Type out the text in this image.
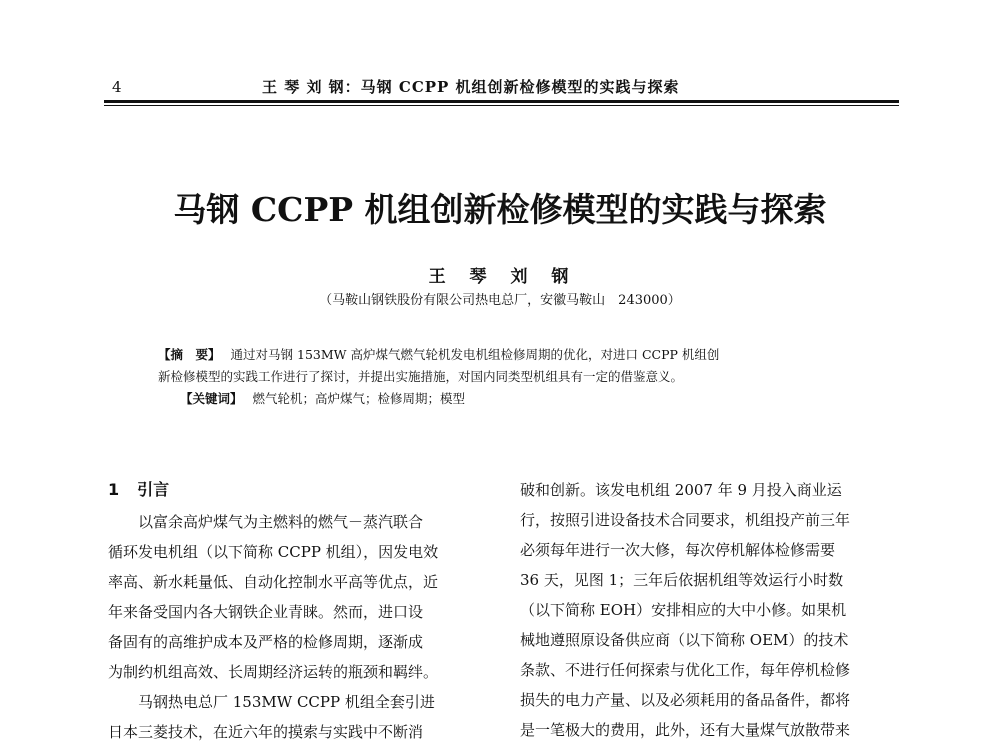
4	王 琴 刘 钢：马钢 CCPP 机组创新检修模型的实践与探索
马钢 CCPP 机组创新检修模型的实践与探索
王 琴 刘 钢
（马鞍山钢铁股份有限公司热电总厂，安徽马鞍山　243000）
【摘　要】 通过对马钢 153MW 高炉煤气燃气轮机发电机组检修周期的优化，对进口 CCPP 机组创
新检修模型的实践工作进行了探讨，并提出实施措施，对国内同类型机组具有一定的借鉴意义。
【关键词】 燃气轮机；高炉煤气；检修周期；模型
1 引言
以富余高炉煤气为主燃料的燃气－蒸汽联合
循环发电机组（以下简称 CCPP 机组），因发电效
率高、新水耗量低、自动化控制水平高等优点，近
年来备受国内各大钢铁企业青睐。然而，进口设
备固有的高维护成本及严格的检修周期，逐渐成
为制约机组高效、长周期经济运转的瓶颈和羁绊。
马钢热电总厂 153MW CCPP 机组全套引进
日本三菱技术，在近六年的摸索与实践中不断消
破和创新。该发电机组 2007 年 9 月投入商业运
行，按照引进设备技术合同要求，机组投产前三年
必须每年进行一次大修，每次停机解体检修需要
36 天，见图 1；三年后依据机组等效运行小时数
（以下简称 EOH）安排相应的大中小修。如果机
械地遵照原设备供应商（以下简称 OEM）的技术
条款、不进行任何探索与优化工作，每年停机检修
损失的电力产量、以及必须耗用的备品备件，都将
是一笔极大的费用，此外，还有大量煤气放散带来
